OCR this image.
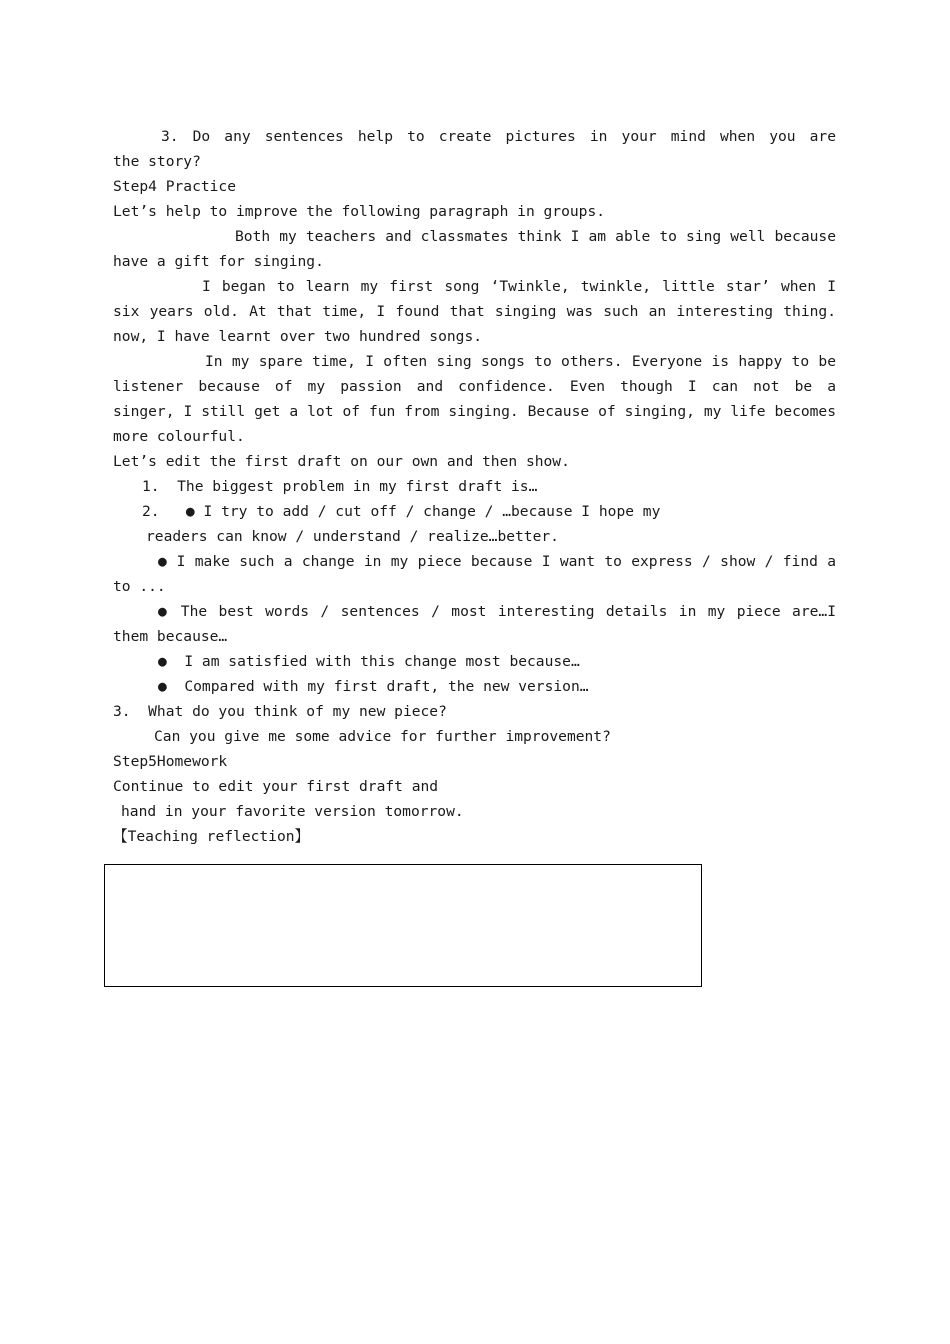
3. Do any sentences help to create pictures in your mind when you are
the story?
Step4 Practice
Let’s help to improve the following paragraph in groups.
Both my teachers and classmates think I am able to sing well because
have a gift for singing.
I began to learn my first song ‘Twinkle, twinkle, little star’ when I
six years old. At that time, I found that singing was such an interesting thing.
now, I have learnt over two hundred songs.
In my spare time, I often sing songs to others. Everyone is happy to be
listener because of my passion and confidence. Even though I can not be a
singer, I still get a lot of fun from singing. Because of singing, my life becomes
more colourful.
Let’s edit the first draft on our own and then show.
1.  The biggest problem in my first draft is…
2.   ● I try to add / cut off / change / …because I hope my
readers can know / understand / realize…better.
● I make such a change in my piece because I want to express / show / find a
to ...
● The best words / sentences / most interesting details in my piece are…I
them because…
●  I am satisfied with this change most because…
●  Compared with my first draft, the new version…
3.  What do you think of my new piece?
Can you give me some advice for further improvement?
Step5Homework
Continue to edit your first draft and
hand in your favorite version tomorrow.
【Teaching reflection】
